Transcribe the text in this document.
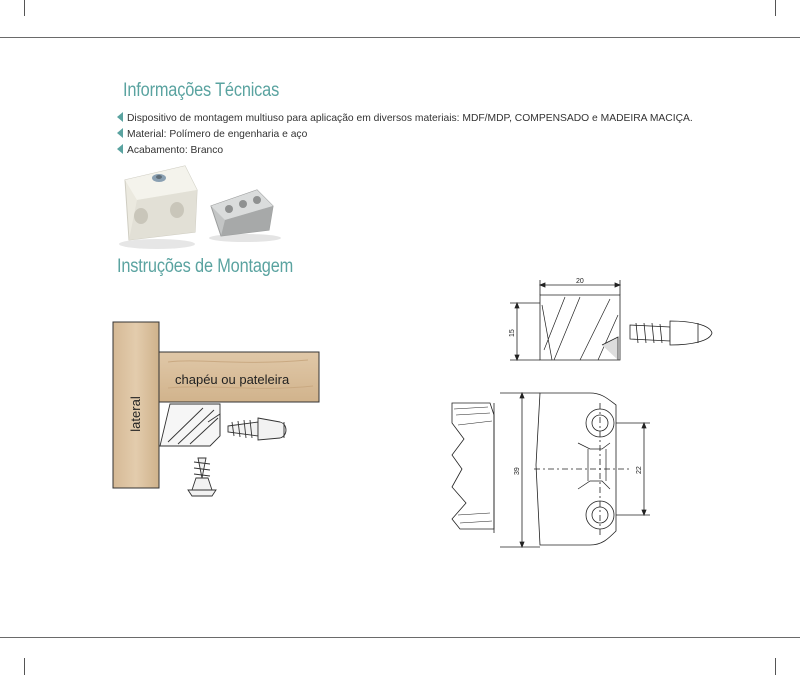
Informações Técnicas
Dispositivo de montagem multiuso para aplicação em diversos materiais: MDF/MDP, COMPENSADO e MADEIRA MACIÇA.
Material: Polímero de engenharia e aço
Acabamento: Branco
Instruções de Montagem
lateral
chapéu ou pateleira
20
15
39	22
